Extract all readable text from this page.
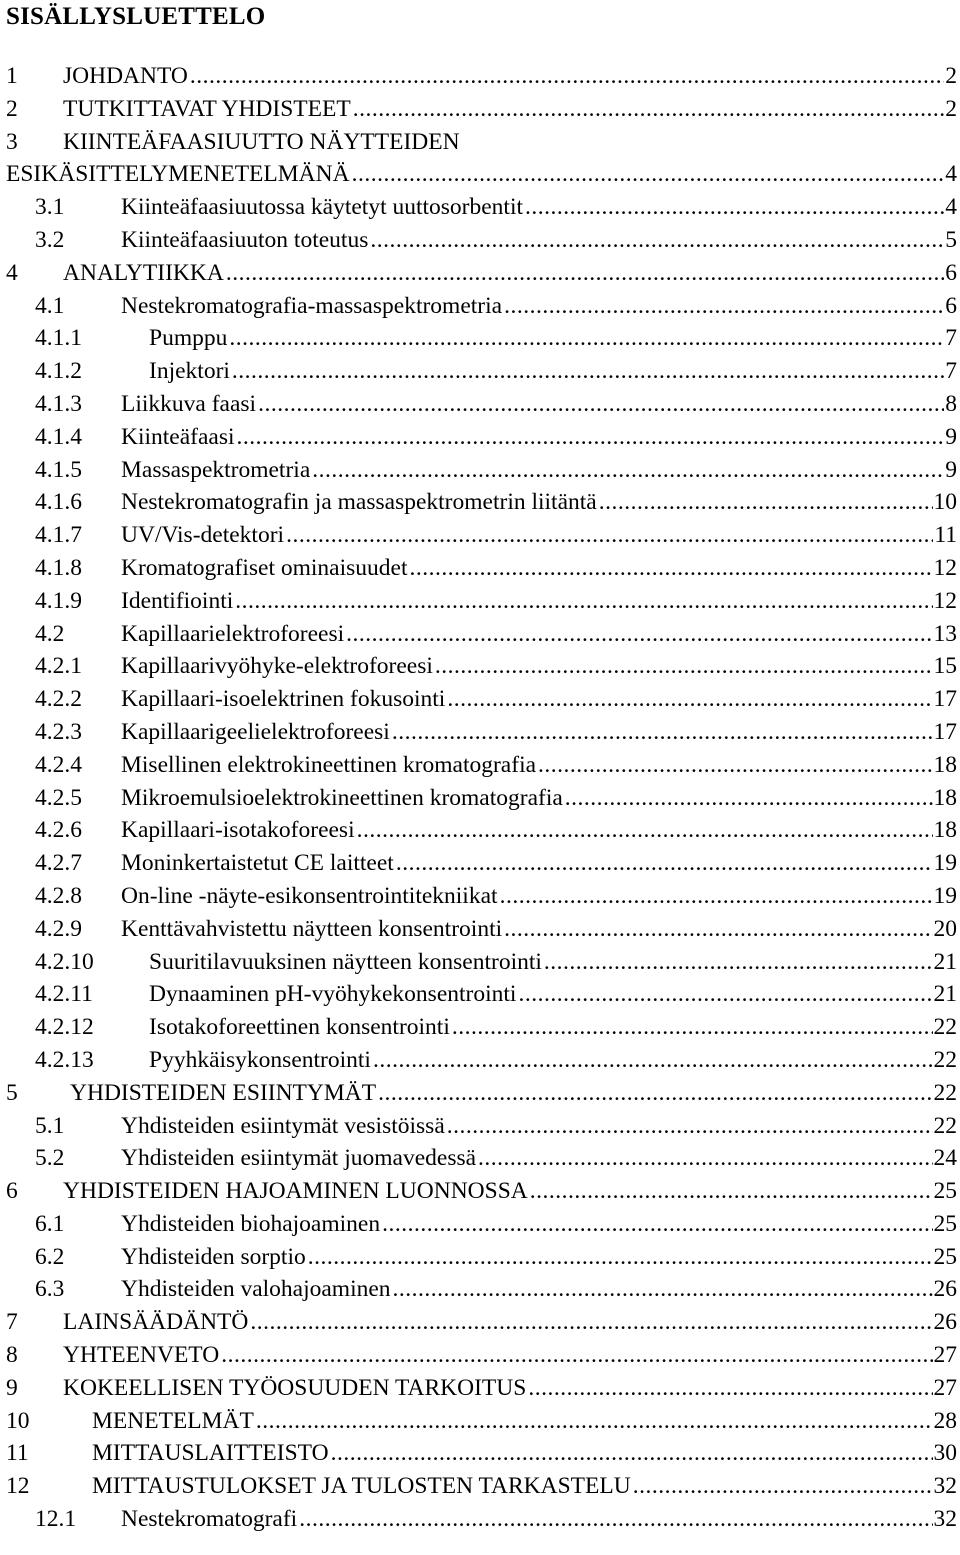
SISÄLLYSLUETTELO
1 JOHDANTO .....	2
2 TUTKITTAVAT YHDISTEET .....	2
3 KIINTEÄFAASIUUTTO NÄYTTEIDEN
ESIKÄSITTELYMENETELMÄNÄ .....	4
3.1 Kiinteäfaasiuutossa käytetyt uuttosorbentit .....	4
3.2 Kiinteäfaasiuuton toteutus .....	5
4 ANALYTIIKKA .....	6
4.1 Nestekromatografia-massaspektrometria .....	6
4.1.1	Pumppu .....	7
4.1.2	Injektori .....	7
4.1.3 Liikkuva faasi .....	8
4.1.4 Kiinteäfaasi .....	9
4.1.5 Massaspektrometria .....	9
4.1.6 Nestekromatografin ja massaspektrometrin liitäntä .....	10
4.1.7 UV/Vis-detektori .....	11
4.1.8 Kromatografiset ominaisuudet .....	12
4.1.9 Identifiointi .....	12
4.2 Kapillaarielektroforeesi .....	13
4.2.1 Kapillaarivyöhyke-elektroforeesi .....	15
4.2.2 Kapillaari-isoelektrinen fokusointi .....	17
4.2.3 Kapillaarigeelielektroforeesi .....	17
4.2.4 Misellinen elektrokineettinen kromatografia .....	18
4.2.5 Mikroemulsioelektrokineettinen kromatografia .....	18
4.2.6 Kapillaari-isotakoforeesi .....	18
4.2.7 Moninkertaistetut CE laitteet .....	19
4.2.8 On-line -näyte-esikonsentrointitekniikat .....	19
4.2.9 Kenttävahvistettu näytteen konsentrointi .....	20
4.2.10 Suuritilavuuksinen näytteen konsentrointi .....	21
4.2.11 Dynaaminen pH-vyöhykekonsentrointi .....	21
4.2.12 Isotakoforeettinen konsentrointi .....	22
4.2.13 Pyyhkäisykonsentrointi .....	22
5 YHDISTEIDEN ESIINTYMÄT .....	22
5.1 Yhdisteiden esiintymät vesistöissä .....	22
5.2 Yhdisteiden esiintymät juomavedessä .....	24
6 YHDISTEIDEN HAJOAMINEN LUONNOSSA .....	25
6.1 Yhdisteiden biohajoaminen .....	25
6.2 Yhdisteiden sorptio .....	25
6.3 Yhdisteiden valohajoaminen .....	26
7 LAINSÄÄDÄNTÖ .....	26
8 YHTEENVETO .....	27
9 KOKEELLISEN TYÖOSUUDEN TARKOITUS .....	27
10	MENETELMÄT .....	28
11	MITTAUSLAITTEISTO .....	30
12	MITTAUSTULOKSET JA TULOSTEN TARKASTELU .....	32
12.1 Nestekromatografi .....	32
